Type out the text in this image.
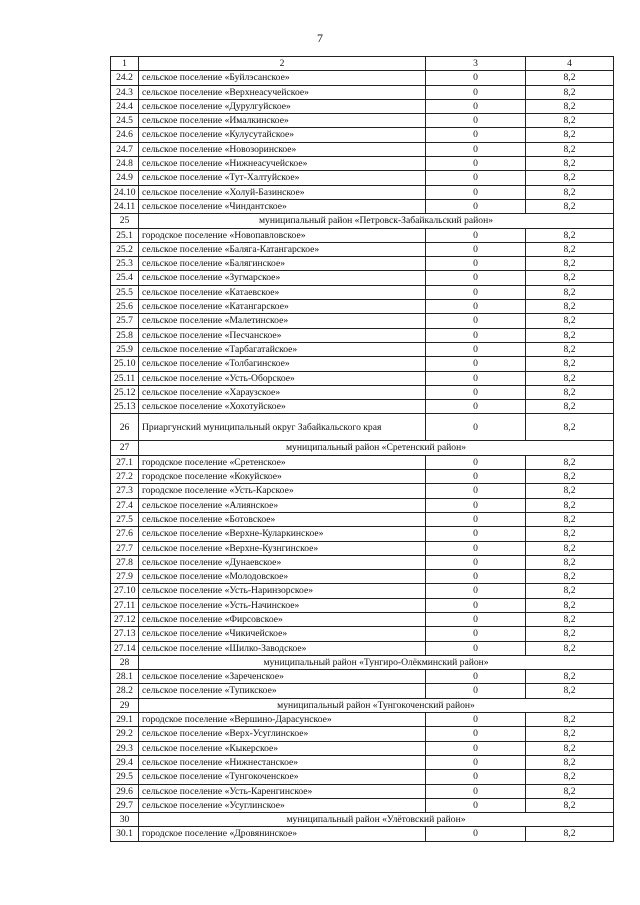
7
1	2	3	4
24.2	сельское поселение «Буйлэсанское»	0	8,2
24.3	сельское поселение «Верхнеасучейское»	0	8,2
24.4	сельское поселение «Дурулгуйское»	0	8,2
24.5	сельское поселение «Ималкинское»	0	8,2
24.6	сельское поселение «Кулусутайское»	0	8,2
24.7	сельское поселение «Новозоринское»	0	8,2
24.8	сельское поселение «Нижнеасучейское»	0	8,2
24.9	сельское поселение «Тут-Халтуйское»	0	8,2
24.10	сельское поселение «Холуй-Базинское»	0	8,2
24.11	сельское поселение «Чиндантское»	0	8,2
25	муниципальный район «Петровск-Забайкальский район»		
25.1	городское поселение «Новопавловское»	0	8,2
25.2	сельское поселение «Баляга-Катангарское»	0	8,2
25.3	сельское поселение «Балягинское»	0	8,2
25.4	сельское поселение «Зугмарское»	0	8,2
25.5	сельское поселение «Катаевское»	0	8,2
25.6	сельское поселение «Катангарское»	0	8,2
25.7	сельское поселение «Малетинское»	0	8,2
25.8	сельское поселение «Песчанское»	0	8,2
25.9	сельское поселение «Тарбагатайское»	0	8,2
25.10	сельское поселение «Толбагинское»	0	8,2
25.11	сельское поселение «Усть-Оборское»	0	8,2
25.12	сельское поселение «Хараузское»	0	8,2
25.13	сельское поселение «Хохотуйское»	0	8,2
26	Приаргунский муниципальный округ Забайкальского края	0	8,2
27	муниципальный район «Сретенский район»		
27.1	городское поселение «Сретенское»	0	8,2
27.2	городское поселение «Кокуйское»	0	8,2
27.3	городское поселение «Усть-Карское»	0	8,2
27.4	сельское поселение «Алиянское»	0	8,2
27.5	сельское поселение «Ботовское»	0	8,2
27.6	сельское поселение «Верхне-Куларкинское»	0	8,2
27.7	сельское поселение «Верхне-Кузнгинское»	0	8,2
27.8	сельское поселение «Дунаевское»	0	8,2
27.9	сельское поселение «Молодовское»	0	8,2
27.10	сельское поселение «Усть-Наринзорское»	0	8,2
27.11	сельское поселение «Усть-Начинское»	0	8,2
27.12	сельское поселение «Фирсовское»	0	8,2
27.13	сельское поселение «Чикичейское»	0	8,2
27.14	сельское поселение «Шилко-Заводское»	0	8,2
28	муниципальный район «Тунгиро-Олёкминский район»		
28.1	сельское поселение «Зареченское»	0	8,2
28.2	сельское поселение «Тупикское»	0	8,2
29	муниципальный район «Тунгокоченский район»		
29.1	городское поселение «Вершино-Дарасунское»	0	8,2
29.2	сельское поселение «Верх-Усуглинское»	0	8,2
29.3	сельское поселение «Кыкерское»	0	8,2
29.4	сельское поселение «Нижнестанское»	0	8,2
29.5	сельское поселение «Тунгокоченское»	0	8,2
29.6	сельское поселение «Усть-Каренгинское»	0	8,2
29.7	сельское поселение «Усуглинское»	0	8,2
30	муниципальный район «Улётовский район»		
30.1	городское поселение «Дровянинское»	0	8,2
